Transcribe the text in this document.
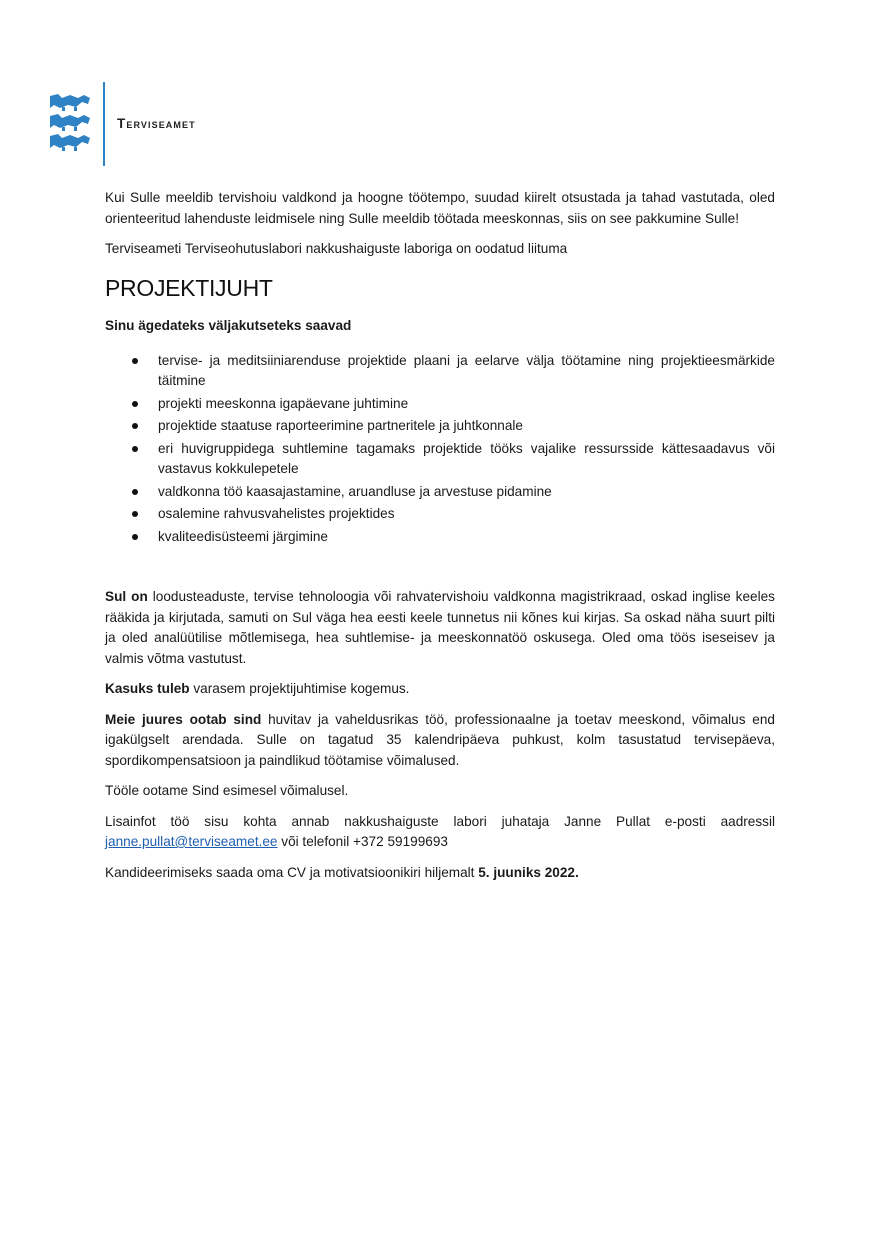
Terviseamet

Kui Sulle meeldib tervishoiu valdkond ja hoogne töötempo, suudad kiirelt otsustada ja tahad vastutada, oled orienteeritud lahenduste leidmisele ning Sulle meeldib töötada meeskonnas, siis on see pakkumine Sulle!

Terviseameti Terviseohutuslabori nakkushaiguste laboriga on oodatud liituma

PROJEKTIJUHT

Sinu ägedateks väljakutseteks saavad

tervise- ja meditsiiniarenduse projektide plaani ja eelarve välja töötamine ning projektieesmärkide täitmine
projekti meeskonna igapäevane juhtimine
projektide staatuse raporteerimine partneritele ja juhtkonnale
eri huvigruppidega suhtlemine tagamaks projektide tööks vajalike ressursside kättesaadavus või vastavus kokkulepetele
valdkonna töö kaasajastamine, aruandluse ja arvestuse pidamine
osalemine rahvusvahelistes projektides
kvaliteedisüsteemi järgimine

Sul on loodusteaduste, tervise tehnoloogia või rahvatervishoiu valdkonna magistrikraad, oskad inglise keeles rääkida ja kirjutada, samuti on Sul väga hea eesti keele tunnetus nii kõnes kui kirjas. Sa oskad näha suurt pilti ja oled analüütilise mõtlemisega, hea suhtlemise- ja meeskonnatöö oskusega. Oled oma töös iseseisev ja valmis võtma vastutust.

Kasuks tuleb varasem projektijuhtimise kogemus.

Meie juures ootab sind huvitav ja vaheldusrikas töö, professionaalne ja toetav meeskond, võimalus end igakülgselt arendada. Sulle on tagatud 35 kalendripäeva puhkust, kolm tasustatud tervisepäeva, spordikompensatsioon ja paindlikud töötamise võimalused.

Tööle ootame Sind esimesel võimalusel.

Lisainfot töö sisu kohta annab nakkushaiguste labori juhataja Janne Pullat e-posti aadressil janne.pullat@terviseamet.ee või telefonil +372 59199693

Kandideerimiseks saada oma CV ja motivatsioonikiri hiljemalt 5. juuniks 2022.
